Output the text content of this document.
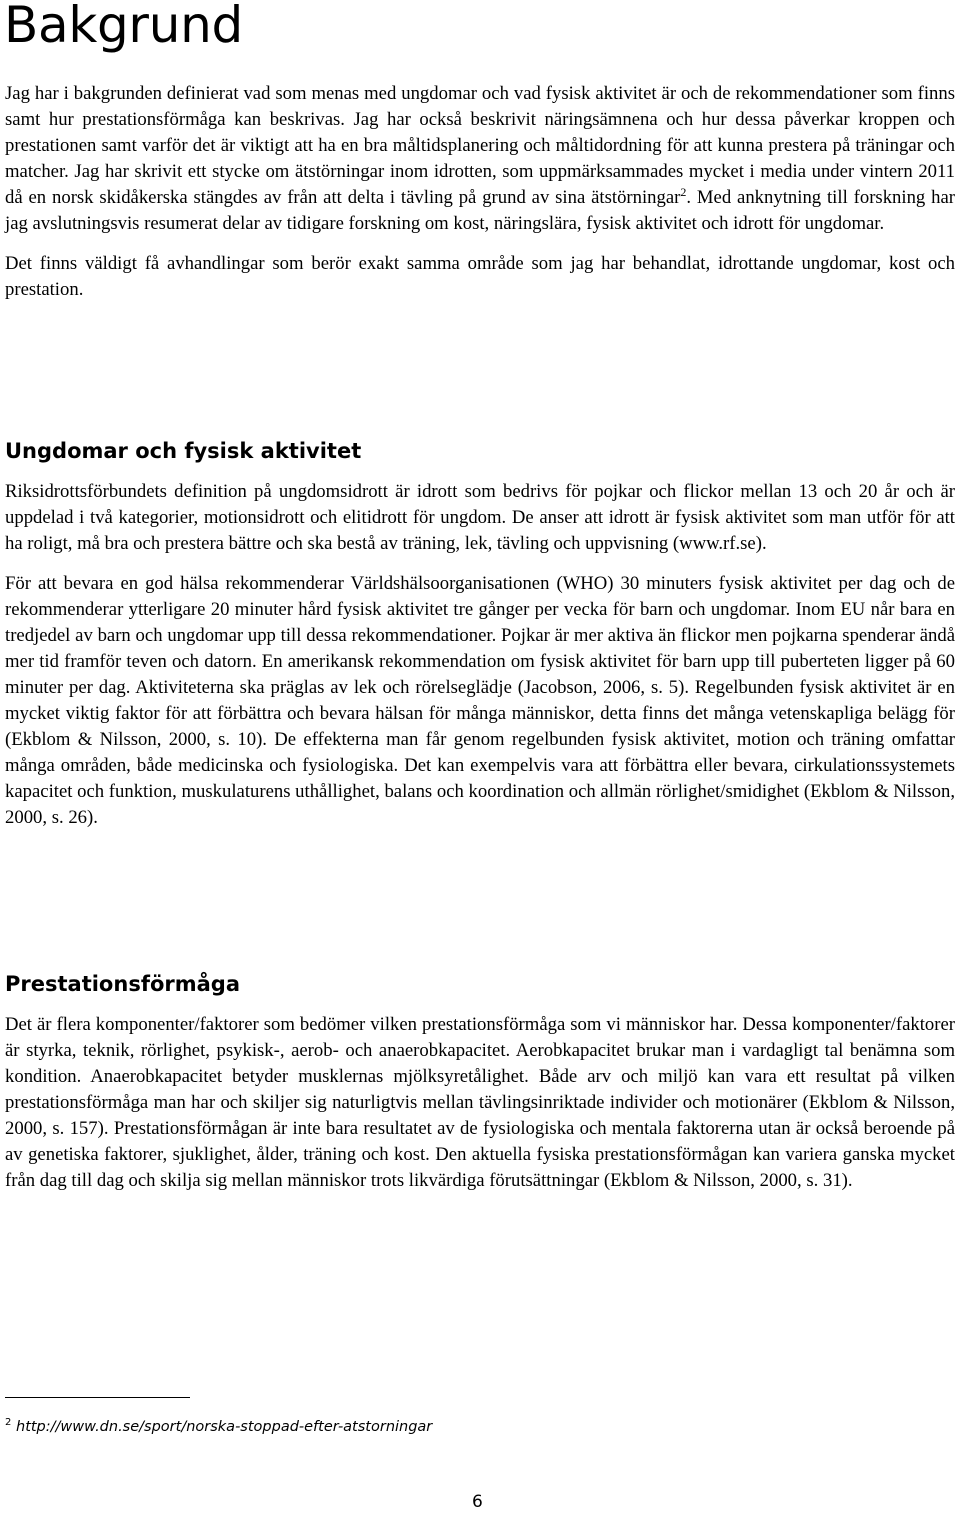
Bakgrund

Jag har i bakgrunden definierat vad som menas med ungdomar och vad fysisk aktivitet är och de rekommendationer som finns samt hur prestationsförmåga kan beskrivas. Jag har också beskrivit näringsämnena och hur dessa påverkar kroppen och prestationen samt varför det är viktigt att ha en bra måltidsplanering och måltidordning för att kunna prestera på träningar och matcher. Jag har skrivit ett stycke om ätstörningar inom idrotten, som uppmärksammades mycket i media under vintern 2011 då en norsk skidåkerska stängdes av från att delta i tävling på grund av sina ätstörningar$^2$. Med anknytning till forskning har jag avslutningsvis resumerat delar av tidigare forskning om kost, näringslära, fysisk aktivitet och idrott för ungdomar.

Det finns väldigt få avhandlingar som berör exakt samma område som jag har behandlat, idrottande ungdomar, kost och prestation.

Ungdomar och fysisk aktivitet

Riksidrottsförbundets definition på ungdomsidrott är idrott som bedrivs för pojkar och flickor mellan 13 och 20 år och är uppdelad i två kategorier, motionsidrott och elitidrott för ungdom. De anser att idrott är fysisk aktivitet som man utför för att ha roligt, må bra och prestera bättre och ska bestå av träning, lek, tävling och uppvisning (www.rf.se).

För att bevara en god hälsa rekommenderar Världshälsoorganisationen (WHO) 30 minuters fysisk aktivitet per dag och de rekommenderar ytterligare 20 minuter hård fysisk aktivitet tre gånger per vecka för barn och ungdomar. Inom EU når bara en tredjedel av barn och ungdomar upp till dessa rekommendationer. Pojkar är mer aktiva än flickor men pojkarna spenderar ändå mer tid framför teven och datorn. En amerikansk rekommendation om fysisk aktivitet för barn upp till puberteten ligger på 60 minuter per dag. Aktiviteterna ska präglas av lek och rörelseglädje (Jacobson, 2006, s. 5). Regelbunden fysisk aktivitet är en mycket viktig faktor för att förbättra och bevara hälsan för många människor, detta finns det många vetenskapliga belägg för (Ekblom & Nilsson, 2000, s. 10). De effekterna man får genom regelbunden fysisk aktivitet, motion och träning omfattar många områden, både medicinska och fysiologiska. Det kan exempelvis vara att förbättra eller bevara, cirkulationssystemets kapacitet och funktion, muskulaturens uthållighet, balans och koordination och allmän rörlighet/smidighet (Ekblom & Nilsson, 2000, s. 26).

Prestationsförmåga

Det är flera komponenter/faktorer som bedömer vilken prestationsförmåga som vi människor har. Dessa komponenter/faktorer är styrka, teknik, rörlighet, psykisk-, aerob- och anaerobkapacitet. Aerobkapacitet brukar man i vardagligt tal benämna som kondition. Anaerobkapacitet betyder musklernas mjölksyretålighet. Både arv och miljö kan vara ett resultat på vilken prestationsförmåga man har och skiljer sig naturligtvis mellan tävlingsinriktade individer och motionärer (Ekblom & Nilsson, 2000, s. 157). Prestationsförmågan är inte bara resultatet av de fysiologiska och mentala faktorerna utan är också beroende på av genetiska faktorer, sjuklighet, ålder, träning och kost. Den aktuella fysiska prestationsförmågan kan variera ganska mycket från dag till dag och skilja sig mellan människor trots likvärdiga förutsättningar (Ekblom & Nilsson, 2000, s. 31).

2 http://www.dn.se/sport/norska-stoppad-efter-atstorningar
6
